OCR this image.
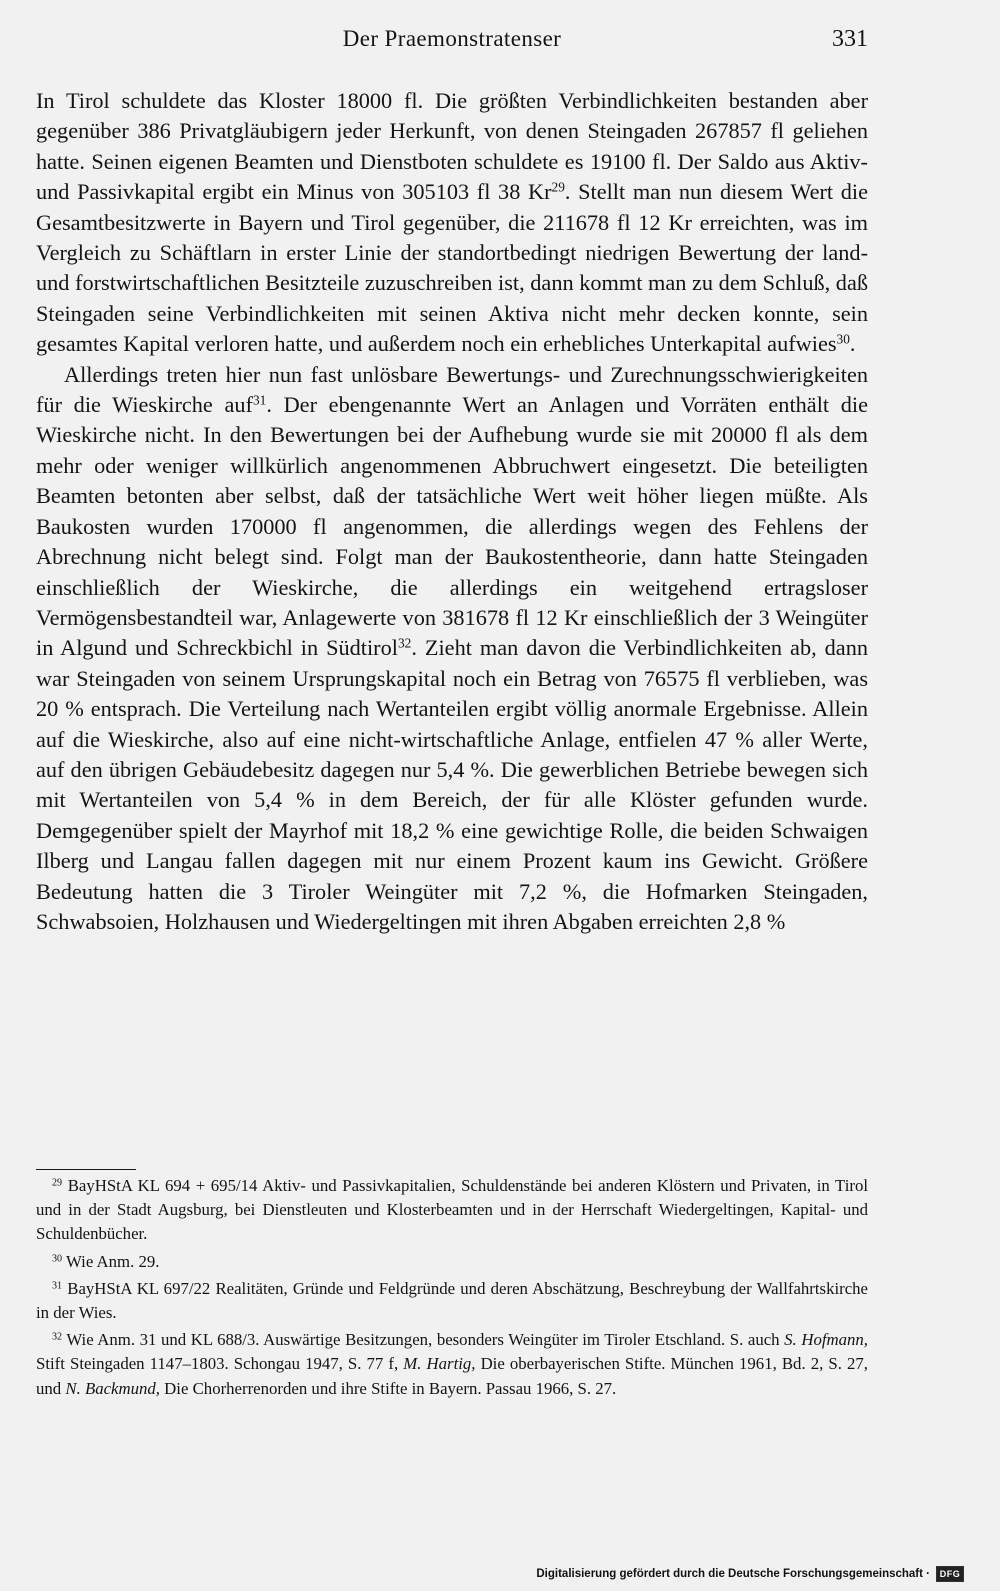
Der Praemonstratenser	331

In Tirol schuldete das Kloster 18000 fl. Die größten Verbindlichkeiten bestanden aber gegenüber 386 Privatgläubigern jeder Herkunft, von denen Steingaden 267857 fl geliehen hatte. Seinen eigenen Beamten und Dienstboten schuldete es 19100 fl. Der Saldo aus Aktiv- und Passivkapital ergibt ein Minus von 305103 fl 38 Kr$^{29}$. Stellt man nun diesem Wert die Gesamtbesitzwerte in Bayern und Tirol gegenüber, die 211678 fl 12 Kr erreichten, was im Vergleich zu Schäftlarn in erster Linie der standortbedingt niedrigen Bewertung der land- und forstwirtschaftlichen Besitzteile zuzuschreiben ist, dann kommt man zu dem Schluß, daß Steingaden seine Verbindlichkeiten mit seinen Aktiva nicht mehr decken konnte, sein gesamtes Kapital verloren hatte, und außerdem noch ein erhebliches Unterkapital aufwies$^{30}$.

Allerdings treten hier nun fast unlösbare Bewertungs- und Zurechnungsschwierigkeiten für die Wieskirche auf$^{31}$. Der ebengenannte Wert an Anlagen und Vorräten enthält die Wieskirche nicht. In den Bewertungen bei der Aufhebung wurde sie mit 20000 fl als dem mehr oder weniger willkürlich angenommenen Abbruchwert eingesetzt. Die beteiligten Beamten betonten aber selbst, daß der tatsächliche Wert weit höher liegen müßte. Als Baukosten wurden 170000 fl angenommen, die allerdings wegen des Fehlens der Abrechnung nicht belegt sind. Folgt man der Baukostentheorie, dann hatte Steingaden einschließlich der Wieskirche, die allerdings ein weitgehend ertragsloser Vermögensbestandteil war, Anlagewerte von 381678 fl 12 Kr einschließlich der 3 Weingüter in Algund und Schreckbichl in Südtirol$^{32}$. Zieht man davon die Verbindlichkeiten ab, dann war Steingaden von seinem Ursprungskapital noch ein Betrag von 76575 fl verblieben, was 20 % entsprach. Die Verteilung nach Wertanteilen ergibt völlig anormale Ergebnisse. Allein auf die Wieskirche, also auf eine nicht-wirtschaftliche Anlage, entfielen 47 % aller Werte, auf den übrigen Gebäudebesitz dagegen nur 5,4 %. Die gewerblichen Betriebe bewegen sich mit Wertanteilen von 5,4 % in dem Bereich, der für alle Klöster gefunden wurde. Demgegenüber spielt der Mayrhof mit 18,2 % eine gewichtige Rolle, die beiden Schwaigen Ilberg und Langau fallen dagegen mit nur einem Prozent kaum ins Gewicht. Größere Bedeutung hatten die 3 Tiroler Weingüter mit 7,2 %, die Hofmarken Steingaden, Schwabsoien, Holzhausen und Wiedergeltingen mit ihren Abgaben erreichten 2,8 %

$^{29}$ BayHStA KL 694 + 695/14 Aktiv- und Passivkapitalien, Schuldenstände bei anderen Klöstern und Privaten, in Tirol und in der Stadt Augsburg, bei Dienstleuten und Klosterbeamten und in der Herrschaft Wiedergeltingen, Kapital- und Schuldenbücher.

$^{30}$ Wie Anm. 29.

$^{31}$ BayHStA KL 697/22 Realitäten, Gründe und Feldgründe und deren Abschätzung, Beschreybung der Wallfahrtskirche in der Wies.

$^{32}$ Wie Anm. 31 und KL 688/3. Auswärtige Besitzungen, besonders Weingüter im Tiroler Etschland. S. auch S. Hofmann, Stift Steingaden 1147–1803. Schongau 1947, S. 77 f, M. Hartig, Die oberbayerischen Stifte. München 1961, Bd. 2, S. 27, und N. Backmund, Die Chorherrenorden und ihre Stifte in Bayern. Passau 1966, S. 27.

Digitalisierung gefördert durch die Deutsche Forschungsgemeinschaft ·	DFG
